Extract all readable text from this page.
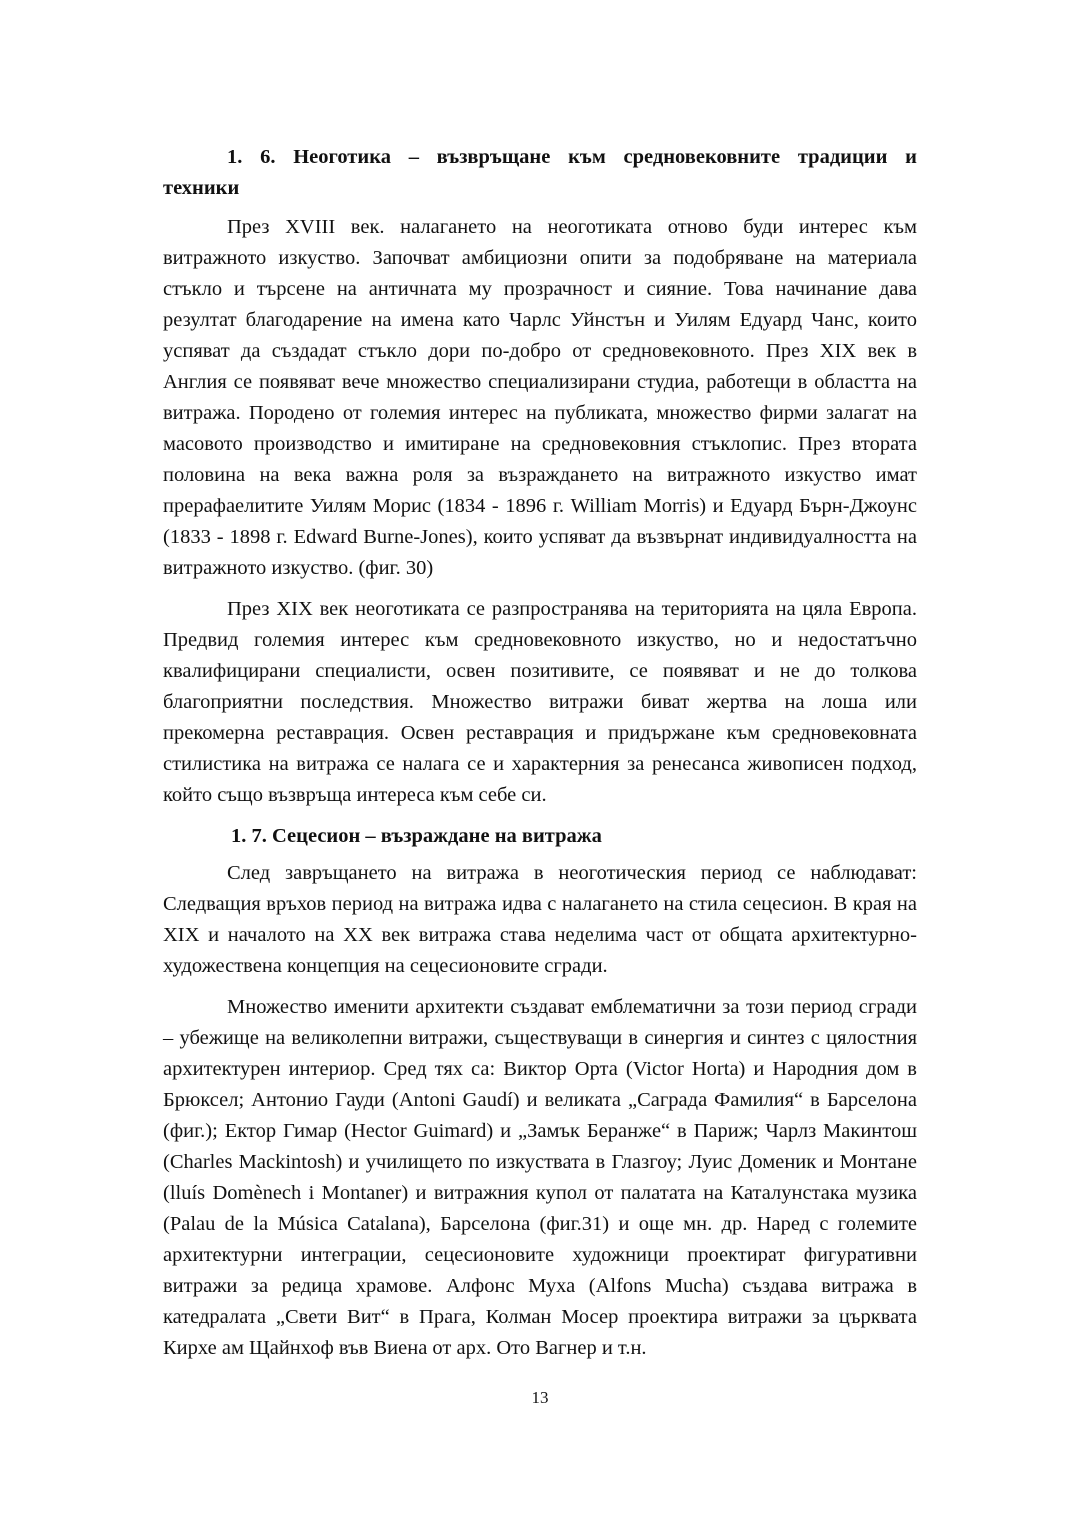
1. 6. Неоготика – възвръщане към средновековните традиции и техники

През XVIII век. налагането на неоготиката отново буди интерес към витражното изкуство. Започват амбициозни опити за подобряване на материала стъкло и търсене на античната му прозрачност и сияние. Това начинание дава резултат благодарение на имена като Чарлс Уйнстън и Уилям Едуард Чанс, които успяват да създадат стъкло дори по-добро от средновековното. През XIX век в Англия се появяват вече множество специализирани студиа, работещи в областта на витража. Породено от големия интерес на публиката, множество фирми залагат на масовото производство и имитиране на средновековния стъклопис. През втората половина на века важна роля за възраждането на витражното изкуство имат прерафаелитите Уилям Морис (1834 - 1896 г. William Morris) и Едуард Бърн-Джоунс (1833 - 1898 г. Edward Burne-Jones), които успяват да възвърнат индивидуалността на витражното изкуство. (фиг. 30)

През XIX век неоготиката се разпространява на територията на цяла Европа. Предвид големия интерес към средновековното изкуство, но и недостатъчно квалифицирани специалисти, освен позитивите, се появяват и не до толкова благоприятни последствия. Множество витражи биват жертва на лоша или прекомерна реставрация. Освен реставрация и придържане към средновековната стилистика на витража се налага се и характерния за ренесанса живописен подход, който също възвръща интереса към себе си.

1. 7. Сецесион – възраждане на витража

След завръщането на витража в неоготическия период се наблюдават: Следващия връхов период на витража идва с налагането на стила сецесион. В края на XIX и началото на XX век витража става неделима част от общата архитектурно-художествена концепция на сецесионовите сгради.

Множество именити архитекти създават емблематични за този период сгради – убежище на великолепни витражи, съществуващи в синергия и синтез с цялостния архитектурен интериор. Сред тях са: Виктор Орта (Victor Horta) и Народния дом в Брюксел; Антонио Гауди (Antoni Gaudí) и великата „Саграда Фамилия“ в Барселона (фиг.); Ектор Гимар (Hector Guimard) и „Замък Беранже“ в Париж; Чарлз Макинтош (Charles Mackintosh) и училището по изкуствата в Глазгоу; Луис Доменик и Монтане (lluís Domènech i Montaner) и витражния купол от палатата на Каталунстака музика (Palau de la Música Catalana), Барселона (фиг.31) и още мн. др. Наред с големите архитектурни интеграции, сецесионовите художници проектират фигуративни витражи за редица храмове. Алфонс Муха (Alfons Mucha) създава витража в катедралата „Свети Вит“ в Прага, Колман Мосер проектира витражи за църквата Кирхе ам Щайнхоф във Виена от арх. Ото Вагнер и т.н.

13
